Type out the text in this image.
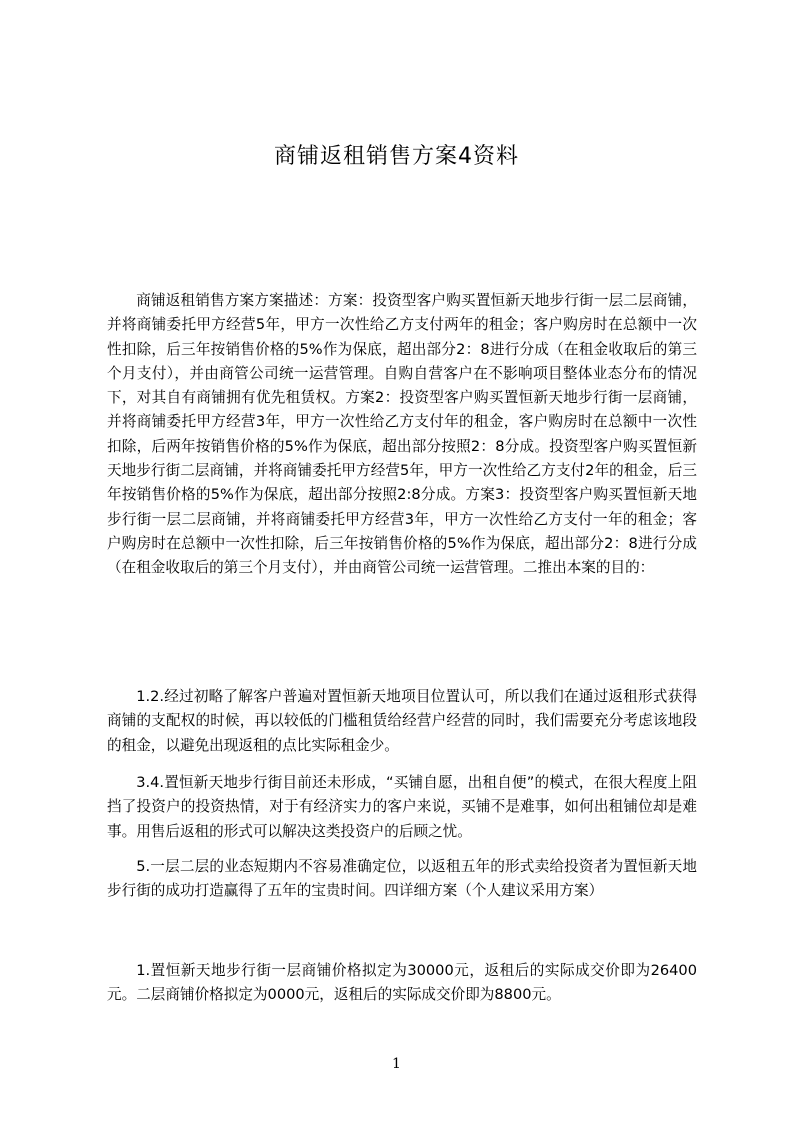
商铺返租销售方案4资料

商铺返租销售方案方案描述：方案：投资型客户购买置恒新天地步行街一层二层商铺，并将商铺委托甲方经营5年，甲方一次性给乙方支付两年的租金；客户购房时在总额中一次性扣除，后三年按销售价格的5%作为保底，超出部分2：8进行分成（在租金收取后的第三个月支付），并由商管公司统一运营管理。自购自营客户在不影响项目整体业态分布的情况下，对其自有商铺拥有优先租赁权。方案2：投资型客户购买置恒新天地步行街一层商铺，并将商铺委托甲方经营3年，甲方一次性给乙方支付年的租金，客户购房时在总额中一次性扣除，后两年按销售价格的5%作为保底，超出部分按照2：8分成。投资型客户购买置恒新天地步行街二层商铺，并将商铺委托甲方经营5年，甲方一次性给乙方支付2年的租金，后三年按销售价格的5%作为保底，超出部分按照2:8分成。方案3：投资型客户购买置恒新天地步行街一层二层商铺，并将商铺委托甲方经营3年，甲方一次性给乙方支付一年的租金；客户购房时在总额中一次性扣除，后三年按销售价格的5%作为保底，超出部分2：8进行分成（在租金收取后的第三个月支付），并由商管公司统一运营管理。二推出本案的目的：

1.2.经过初略了解客户普遍对置恒新天地项目位置认可，所以我们在通过返租形式获得商铺的支配权的时候，再以较低的门槛租赁给经营户经营的同时，我们需要充分考虑该地段的租金，以避免出现返租的点比实际租金少。

3.4.置恒新天地步行街目前还未形成，“买铺自愿，出租自便”的模式，在很大程度上阻挡了投资户的投资热情，对于有经济实力的客户来说，买铺不是难事，如何出租铺位却是难事。用售后返租的形式可以解决这类投资户的后顾之忧。

5.一层二层的业态短期内不容易准确定位，以返租五年的形式卖给投资者为置恒新天地步行街的成功打造赢得了五年的宝贵时间。四详细方案（个人建议采用方案）

1.置恒新天地步行街一层商铺价格拟定为30000元，返租后的实际成交价即为26400元。二层商铺价格拟定为0000元，返租后的实际成交价即为8800元。

1
